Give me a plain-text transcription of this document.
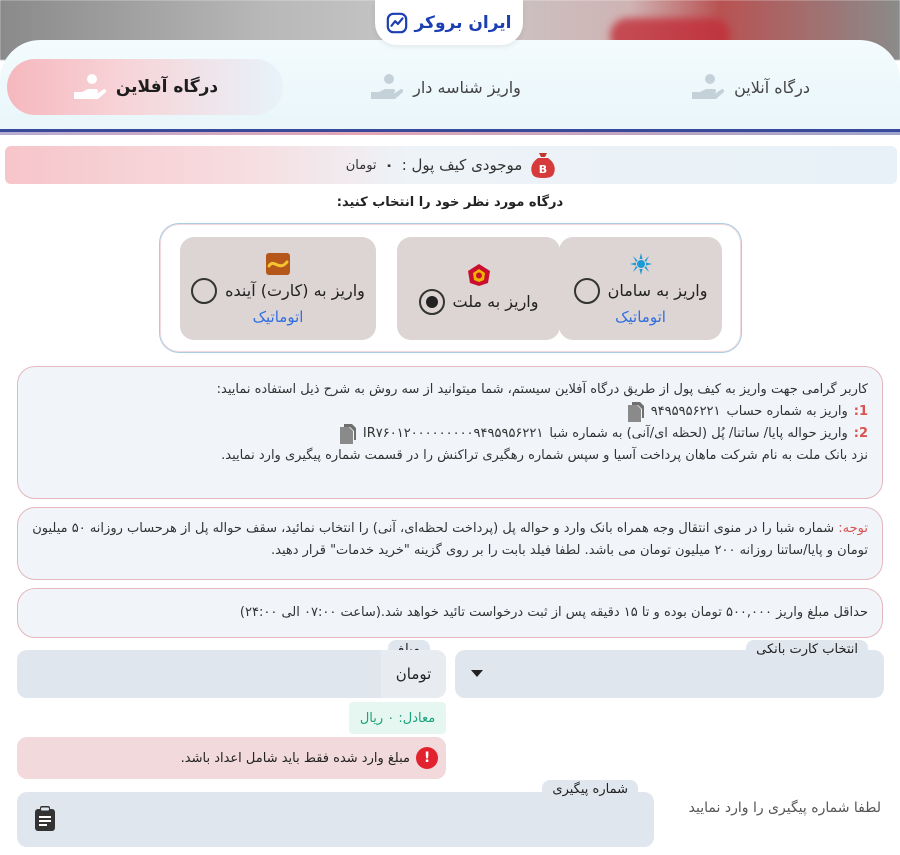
ایران بروکر
درگاه آنلاین
واریز شناسه دار
درگاه آفلاین
B
موجودی کیف پول :
۰
تومان
درگاه مورد نظر خود را انتخاب کنید:
واریز به سامان
اتوماتیک
واریز به ملت
واریز به (کارت) آینده
اتوماتیک
کاربر گرامی جهت واریز به کیف پول از طریق درگاه آفلاین سیستم، شما میتوانید از سه روش به شرح ذیل استفاده نمایید:
1:
واریز به شماره حساب
۹۴۹۵۹۵۶۲۲۱
2:
واریز حواله پایا/ ساتنا/ پُل (لحظه ای/آنی) به شماره شبا
IR۷۶۰۱۲۰۰۰۰۰۰۰۰۰۹۴۹۵۹۵۶۲۲۱
نزد بانک ملت به نام شرکت ماهان پرداخت آسیا و سپس شماره رهگیری تراکنش را در قسمت شماره پیگیری وارد نمایید.
توجه: شماره شبا را در منوی انتقال وجه همراه بانک وارد و حواله پل (پرداخت لحظه‌ای، آنی) را انتخاب نمائید، سقف حواله پل از هرحساب روزانه ۵۰ میلیون تومان و پایا/ساتنا روزانه ۲۰۰ میلیون تومان می باشد. لطفا فیلد بابت را بر روی گزینه "خرید خدمات" قرار دهید.
حداقل مبلغ واریز ۵۰۰,۰۰۰ تومان بوده و تا ۱۵ دقیقه پس از ثبت درخواست تائید خواهد شد.(ساعت ۰۷:۰۰ الی ۲۴:۰۰)
انتخاب کارت بانکی
تومان
معادل: ۰ ریال
!
مبلغ وارد شده فقط باید شامل اعداد باشد.
لطفا شماره پیگیری را وارد نمایید
شماره پیگیری
